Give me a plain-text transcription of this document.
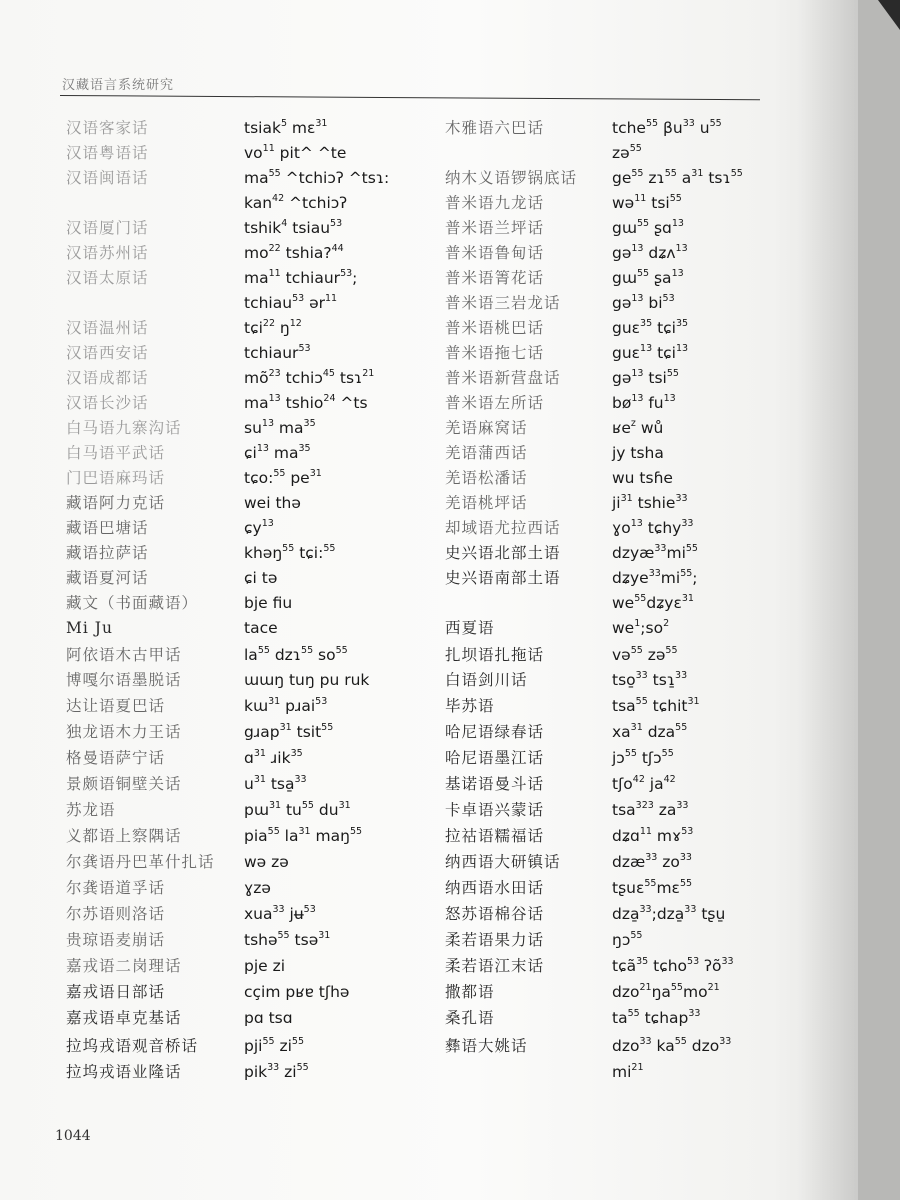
汉藏语言系统研究
汉语客家话
汉语粤语话
汉语闽语话
汉语厦门话
汉语苏州话
汉语太原话
汉语温州话
汉语西安话
汉语成都话
汉语长沙话
白马语九寨沟话
白马语平武话
门巴语麻玛话
藏语阿力克话
藏语巴塘话
藏语拉萨话
藏语夏河话
藏文（书面藏语）
Mi Ju
阿依语木古甲话
博嘎尔语墨脱话
达让语夏巴话
独龙语木力王话
格曼语萨宁话
景颇语铜壁关话
苏龙语
义都语上察隅话
尔龚语丹巴革什扎话
尔龚语道孚话
尔苏语则洛话
贵琼语麦崩话
嘉戎语二岗理话
嘉戎语日部话
嘉戎语卓克基话
拉坞戎语观音桥话
拉坞戎语业隆话
tsiak$^5$ mɛ$^{31}$
$vo^{11}$ pit^ ^te
$ma^{55}$ ^tchiɔʔ ^tsɿ:
kan$^{42}$ ^tchiɔʔ
tshik$^4$ tsiau$^{53}$
$mo^{22}$ tshia?$^{44}$
$ma^{11}$ tchiaur$^{53}$;
tchiau$^{53}$ ər$^{11}$
tɕi$^{22}$ $ŋ^{12}$
tchiaur$^{53}$
$mõ^{23}$ tchiɔ$^{45}$ tsɿ$^{21}$
$ma^{13}$ tshio$^{24}$ ^ts
$su^{13}$ $ma^{35}$
ɕi$^{13}$ $ma^{35}$
tɕo:$^{55}$ $pe^{31}$
wei thə
ɕy$^{13}$
khəŋ$^{55}$ tɕi:$^{55}$
ɕi tə
bje fiu
tace
$la^{55}$ dzɿ$^{55}$ $so^{55}$
ɯɯŋ tuŋ pu ruk
kɯ$^{31}$ pɹai$^{53}$
gɹap$^{31}$ tsit$^{55}$
ɑ$^{31}$ ɹik$^{35}$
$u^{31}$ tsa̱$^{33}$
pɯ$^{31}$ $tu^{55}$ $du^{31}$
pia$^{55}$ $la^{31}$ maŋ$^{55}$
wə zə
ɣzə
xua$^{33}$ jʉ$^{53}$
tshə$^{55}$ tsə$^{31}$
pje zi
cçim pʁɐ tʃhə
pɑ tsɑ
pji$^{55}$ $zi^{55}$
pik$^{33}$ $zi^{55}$
木雅语六巴话
纳木义语锣锅底话
普米语九龙话
普米语兰坪话
普米语鲁甸话
普米语箐花话
普米语三岩龙话
普米语桃巴话
普米语拖七话
普米语新营盘话
普米语左所话
羌语麻窝话
羌语蒲西话
羌语松潘话
羌语桃坪话
却域语尤拉西话
史兴语北部土语
史兴语南部土语
西夏语
扎坝语扎拖话
白语剑川话
毕苏语
哈尼语绿春话
哈尼语墨江话
基诺语曼斗话
卡卓语兴蒙话
拉祜语糯福话
纳西语大研镇话
纳西语水田话
怒苏语棉谷话
柔若语果力话
柔若语江末话
撒都语
桑孔语
彝语大姚话
tche$^{55}$ $\beta u^{33}$ $u^{55}$
zə$^{55}$
$ge^{55}$ zɿ$^{55}$ $a^{31}$ tsɿ$^{55}$
wə$^{11}$ tsi$^{55}$
gɯ$^{55}$ ʂɑ$^{13}$
gə$^{13}$ dʑʌ$^{13}$
gɯ$^{55}$ ʂa$^{13}$
gə$^{13}$ $bi^{53}$
guɛ$^{35}$ tɕi$^{35}$
guɛ$^{13}$ tɕi$^{13}$
gə$^{13}$ tsi$^{55}$
$bø^{13}$ $fu^{13}$
ʁe$^z$ wů
jy tsha
wu tsɦe
$ji^{31}$ tshie$^{33}$
ɣo$^{13}$ tɕhy$^{33}$
$dzyæ^{33}mi^{55}$
$dʑye^{33}mi^{55}$;
$we^{55}dʑyɛ^{31}$
$we^1;so^2$
və$^{55}$ zə$^{55}$
tso̱$^{33}$ tsɿ̱$^{33}$
tsa$^{55}$ tɕhit$^{31}$
$xa^{31}$ dza$^{55}$
jɔ$^{55}$ tʃɔ$^{55}$
tʃo$^{42}$ $ja^{42}$
tsa$^{323}$ $za^{33}$
dʑɑ$^{11}$ mɤ$^{53}$
dzæ$^{33}$ $zo^{33}$
tʂuɛ$^{55}$mɛ$^{55}$
dza̱$^{33}$;dza̱$^{33}$ tʂu̱
ŋɔ$^{55}$
tɕã$^{35}$ tɕho$^{53}$ ʔõ$^{33}$
$dzo^{21}ŋa^{55}mo^{21}$
$ta^{55}$ tɕhap$^{33}$
dzo$^{33}$ $ka^{55}$ dzo$^{33}$
$mi^{21}$
1044
